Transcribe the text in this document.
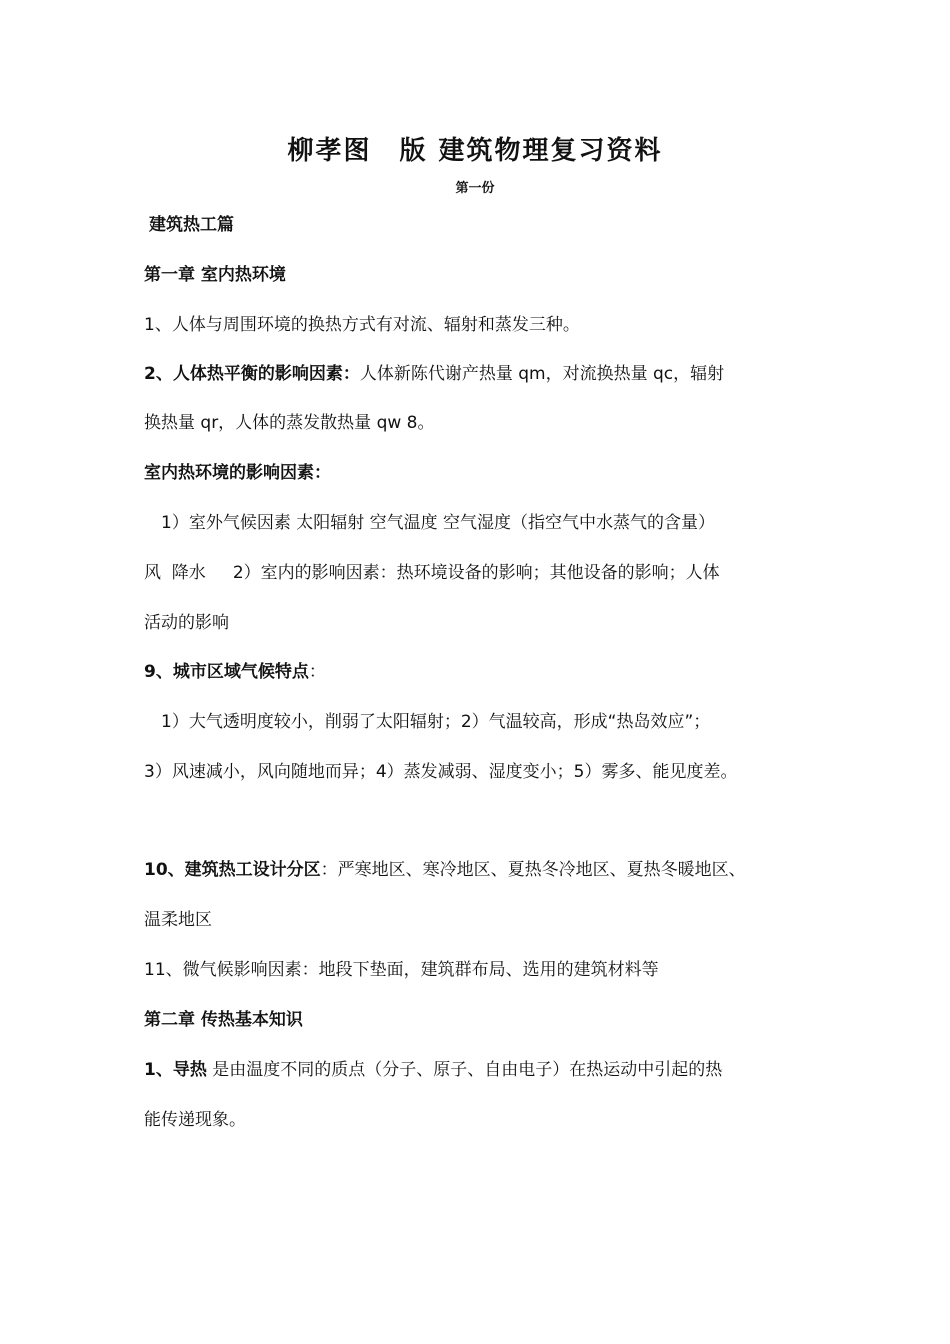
柳孝图　版 建筑物理复习资料
第一份
建筑热工篇
第一章 室内热环境
1、人体与周围环境的换热方式有对流、辐射和蒸发三种。
2、人体热平衡的影响因素：人体新陈代谢产热量 qm，对流换热量 qc，辐射
换热量 qr，人体的蒸发散热量 qw 8。
室内热环境的影响因素：
1）室外气候因素 太阳辐射 空气温度 空气湿度（指空气中水蒸气的含量）
风  降水     2）室内的影响因素：热环境设备的影响；其他设备的影响；人体
活动的影响
9、城市区域气候特点：
1）大气透明度较小，削弱了太阳辐射；2）气温较高，形成“热岛效应”；
3）风速减小，风向随地而异；4）蒸发减弱、湿度变小；5）雾多、能见度差。
10、建筑热工设计分区：严寒地区、寒冷地区、夏热冬冷地区、夏热冬暖地区、
温柔地区
11、微气候影响因素：地段下垫面，建筑群布局、选用的建筑材料等
第二章 传热基本知识
1、导热 是由温度不同的质点（分子、原子、自由电子）在热运动中引起的热
能传递现象。
